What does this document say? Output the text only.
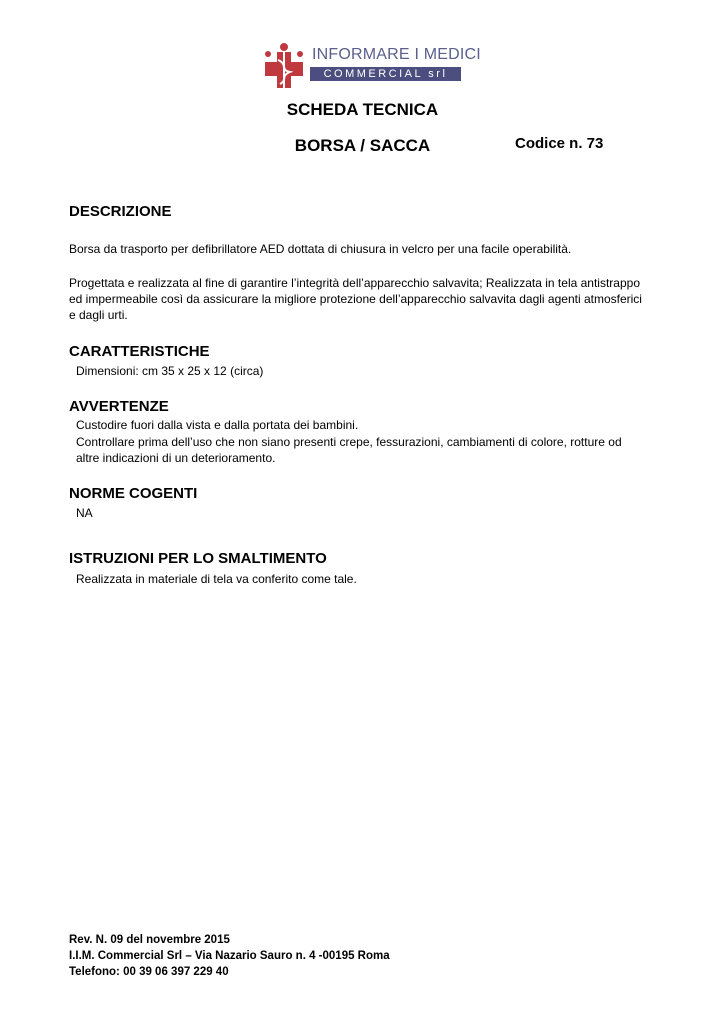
INFORMARE I MEDICI
COMMERCIAL srl
SCHEDA TECNICA
BORSA / SACCA	Codice n. 73
DESCRIZIONE
Borsa da trasporto per defibrillatore AED dottata di chiusura in velcro per una facile operabilità.
Progettata e realizzata al fine di garantire l’integrità dell’apparecchio salvavita; Realizzata in tela antistrappo ed impermeabile così da assicurare la migliore protezione dell’apparecchio salvavita dagli agenti atmosferici e dagli urti.
CARATTERISTICHE
Dimensioni: cm 35 x 25 x 12 (circa)
AVVERTENZE
Custodire fuori dalla vista e dalla portata dei bambini.
Controllare prima dell’uso che non siano presenti crepe, fessurazioni, cambiamenti di colore, rotture od altre indicazioni di un deterioramento.
NORME COGENTI
NA
ISTRUZIONI PER LO SMALTIMENTO
Realizzata in materiale di tela va conferito come tale.
Rev. N. 09 del novembre 2015
I.I.M. Commercial Srl – Via Nazario Sauro n. 4 -00195 Roma
Telefono: 00 39 06 397 229 40
